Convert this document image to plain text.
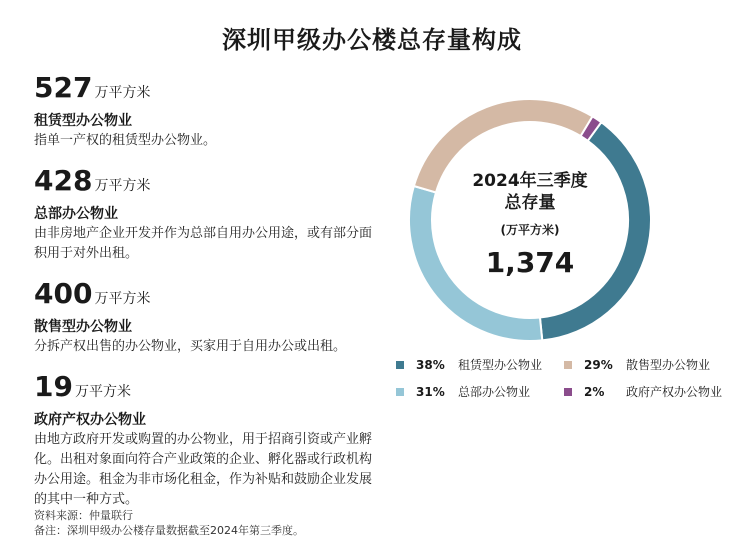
深圳甲级办公楼总存量构成
527 万平方米
租赁型办公物业
指单一产权的租赁型办公物业。
428 万平方米
总部办公物业
由非房地产企业开发并作为总部自用办公用途，或有部分面积用于对外出租。
400 万平方米
散售型办公物业
分拆产权出售的办公物业，买家用于自用办公或出租。
19 万平方米
政府产权办公物业
由地方政府开发或购置的办公物业，用于招商引资或产业孵化。出租对象面向符合产业政策的企业、孵化器或行政机构办公用途。租金为非市场化租金，作为补贴和鼓励企业发展的其中一种方式。
资料来源：仲量联行
备注：深圳甲级办公楼存量数据截至2024年第三季度。
2024年三季度
总存量
(万平方米)
1,374
38%	租赁型办公物业	29%	散售型办公物业
31%	总部办公物业	2%	政府产权办公物业
